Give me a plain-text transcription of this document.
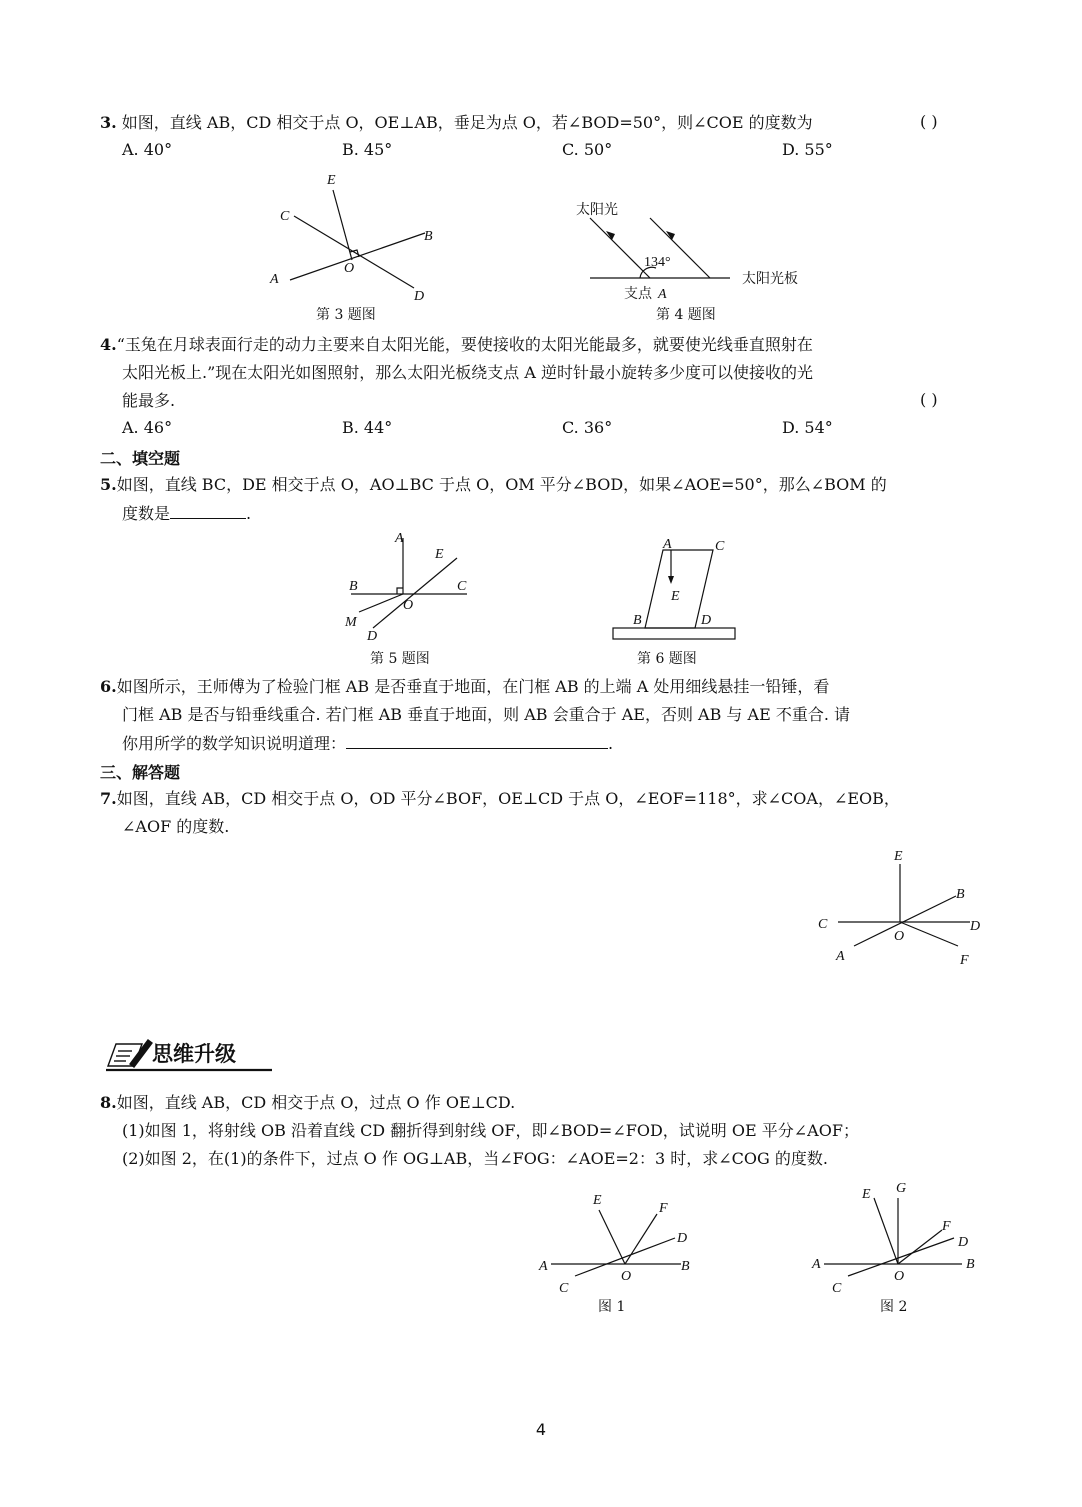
3. 如图，直线 AB，CD 相交于点 O，OE⊥AB，垂足为点 O，若∠BOD=50°，则∠COE 的度数为	( )
A. 40°	B. 45°	C. 50°	D. 55°
E
C
B
O
A
D
第 3 题图
太阳光
134°
太阳光板
支点 A
第 4 题图
4.“玉兔在月球表面行走的动力主要来自太阳光能，要使接收的太阳光能最多，就要使光线垂直照射在
太阳光板上.”现在太阳光如图照射，那么太阳光板绕支点 A 逆时针最小旋转多少度可以使接收的光
能最多.	( )
A. 46°	B. 44°	C. 36°	D. 54°
二、填空题
5.如图，直线 BC，DE 相交于点 O，AO⊥BC 于点 O，OM 平分∠BOD，如果∠AOE=50°，那么∠BOM 的
度数是	.
A
E
B	C
O
M
D
第 5 题图
A	C
E
B	D
第 6 题图
6.如图所示，王师傅为了检验门框 AB 是否垂直于地面，在门框 AB 的上端 A 处用细线悬挂一铅锤，看
门框 AB 是否与铅垂线重合. 若门框 AB 垂直于地面，则 AB 会重合于 AE，否则 AB 与 AE 不重合. 请
你用所学的数学知识说明道理：	.
三、解答题
7.如图，直线 AB，CD 相交于点 O，OD 平分∠BOF，OE⊥CD 于点 O，∠EOF=118°，求∠COA，∠EOB，
∠AOF 的度数.
E
B
C	D
O
A	F
思维升级
8.如图，直线 AB，CD 相交于点 O，过点 O 作 OE⊥CD.
(1)如图 1，将射线 OB 沿着直线 CD 翻折得到射线 OF，即∠BOD=∠FOD，试说明 OE 平分∠AOF；
(2)如图 2，在(1)的条件下，过点 O 作 OG⊥AB，当∠FOG：∠AOE=2：3 时，求∠COG 的度数.
E
F
D
A	B
C
O
图 1
E G
F
D
A	B
C
O
图 2
4
